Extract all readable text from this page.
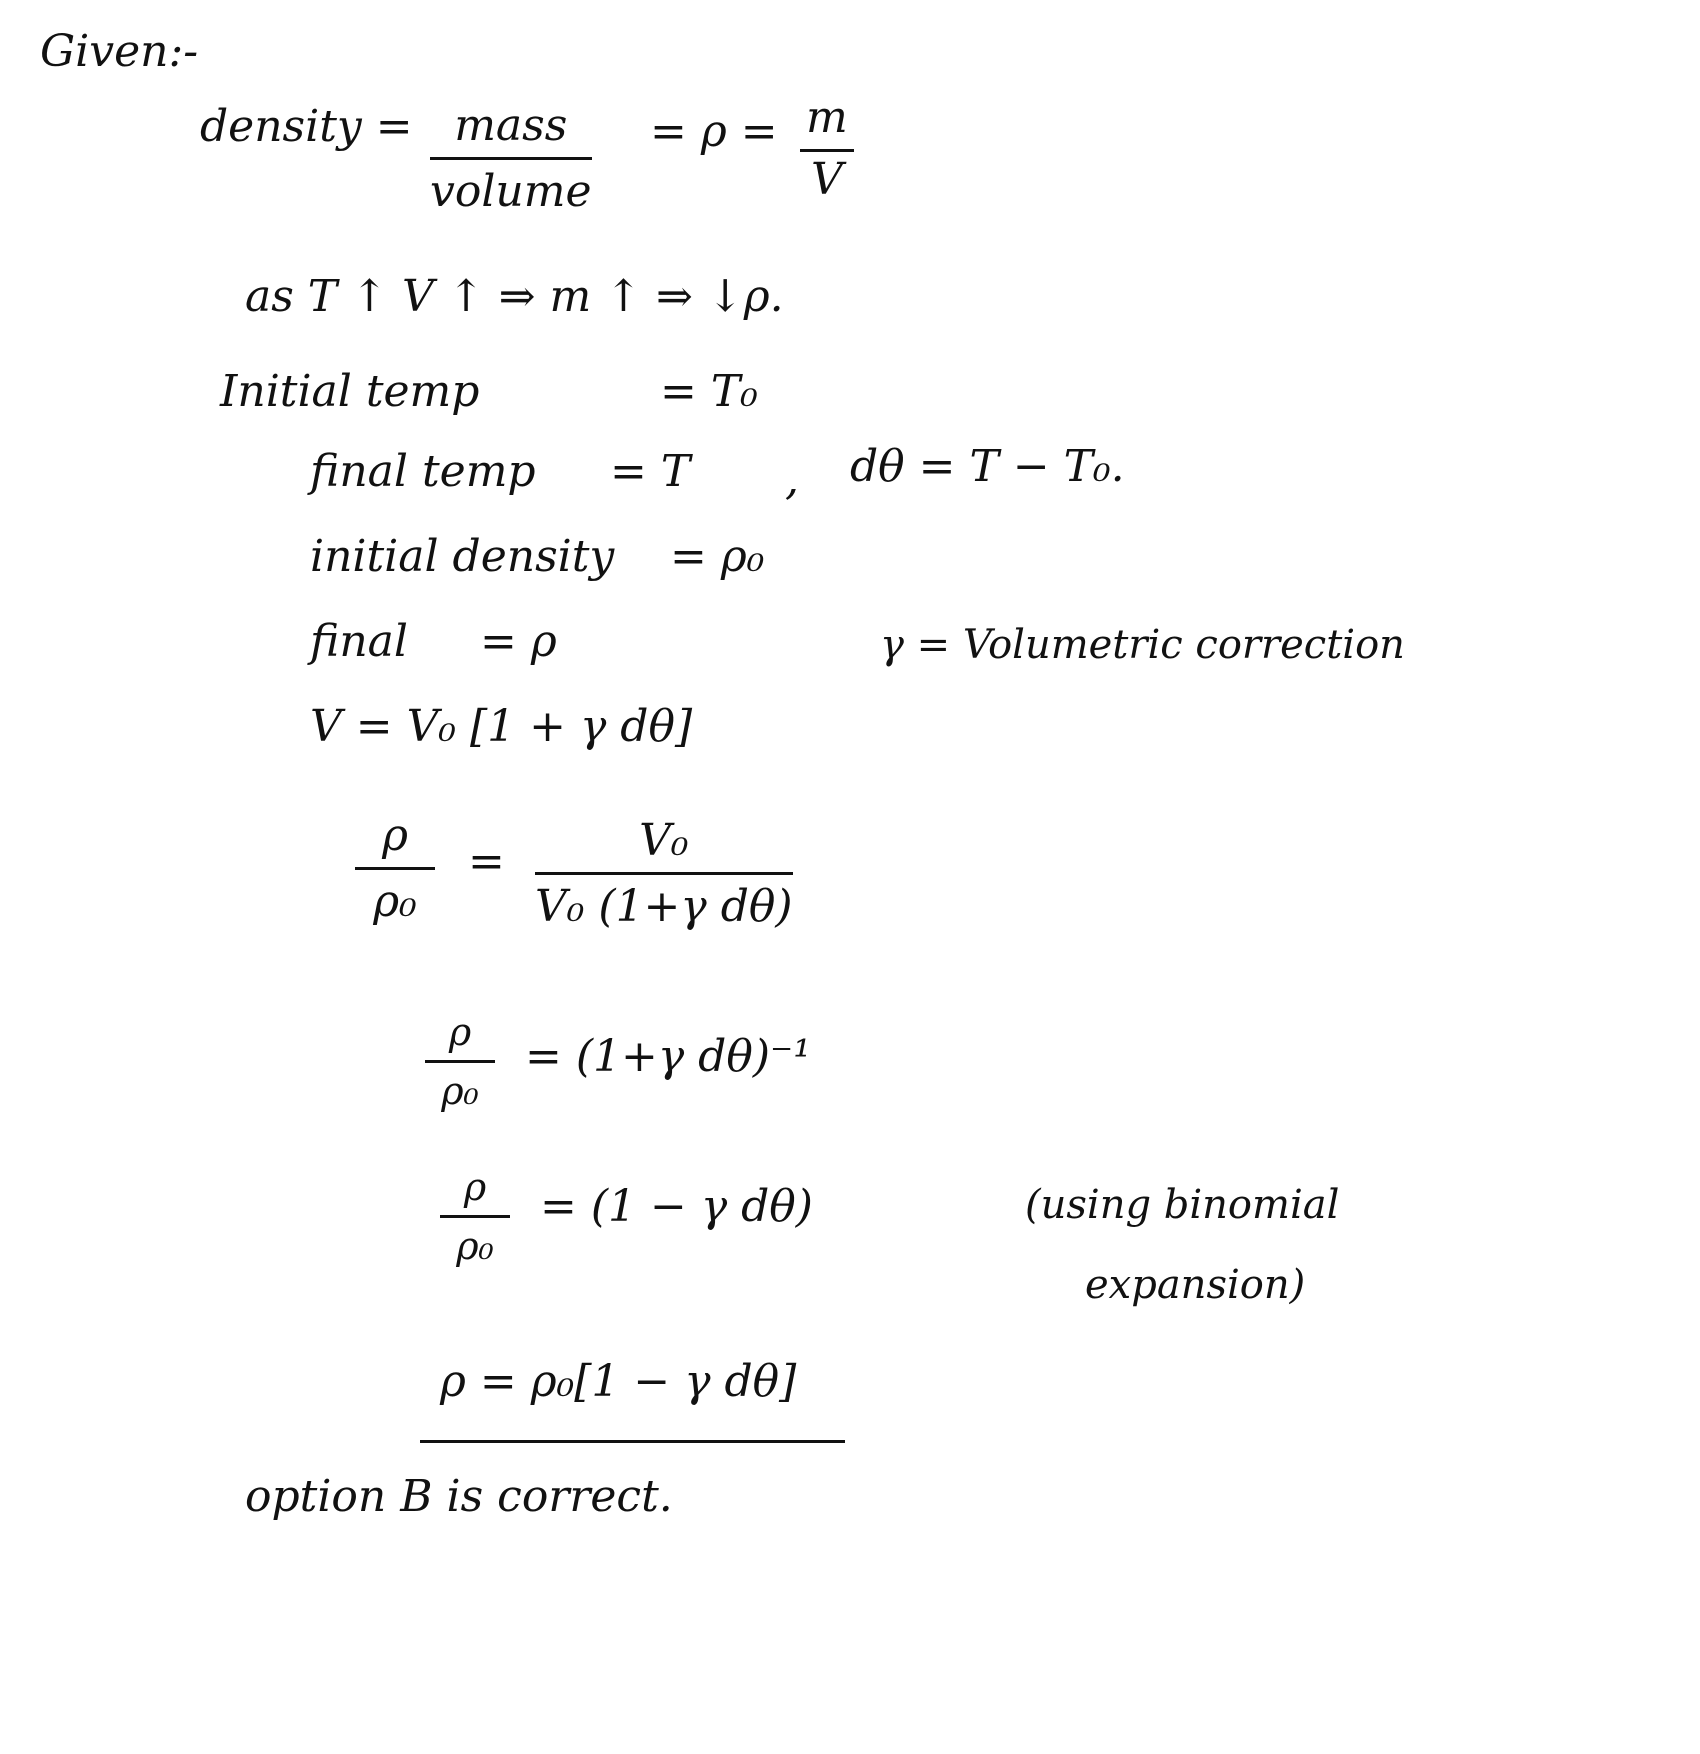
Given:-
density = mass
volume
= ρ = m
V
as T ↑ V ↑ ⇒ m ↑ ⇒ ↓ρ.
Initial temp	= T₀
final temp = T , dθ = T − T₀.
initial density = ρ₀
final = ρ	γ = Volumetric correction
V = V₀ [1 + γ dθ]
ρ
ρ₀
=	V₀
V₀ (1+γ dθ)
ρ
ρ₀
= (1+γ dθ)⁻¹
ρ
ρ₀
= (1 − γ dθ)	(using binomial
expansion)
ρ = ρ₀[1 − γ dθ]
option B is correct.
